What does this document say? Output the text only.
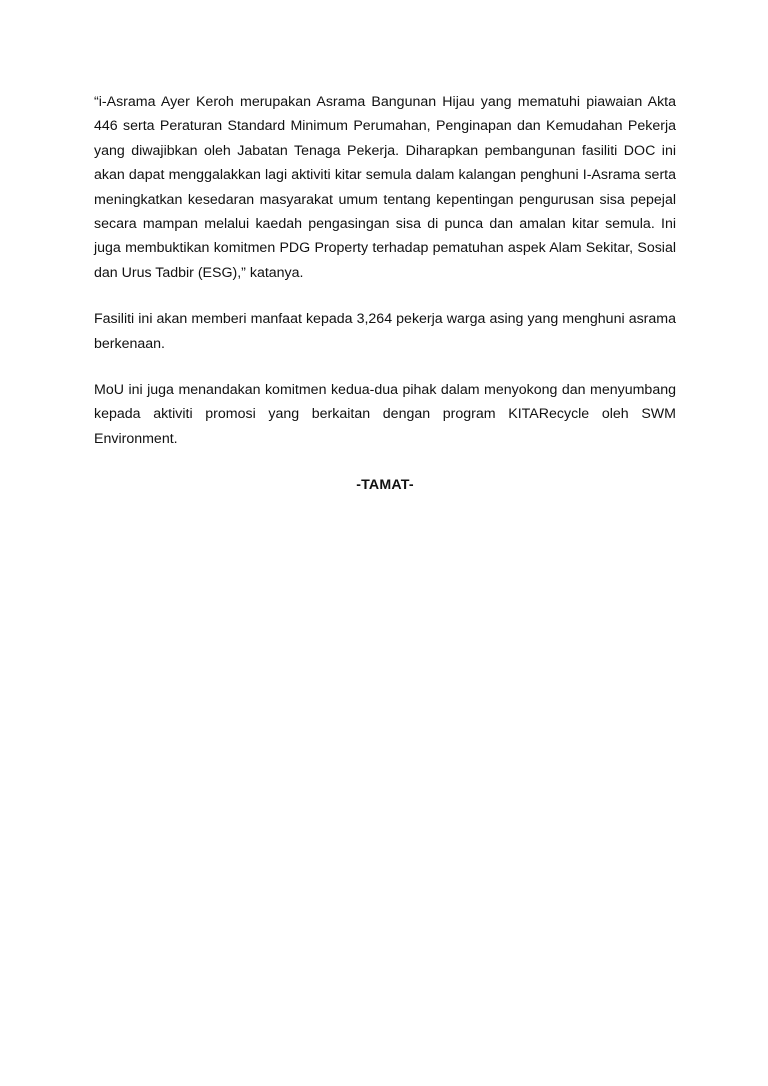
“i-Asrama Ayer Keroh merupakan Asrama Bangunan Hijau yang mematuhi piawaian Akta 446 serta Peraturan Standard Minimum Perumahan, Penginapan dan Kemudahan Pekerja yang diwajibkan oleh Jabatan Tenaga Pekerja. Diharapkan pembangunan fasiliti DOC ini akan dapat menggalakkan lagi aktiviti kitar semula dalam kalangan penghuni I-Asrama serta meningkatkan kesedaran masyarakat umum tentang kepentingan pengurusan sisa pepejal secara mampan melalui kaedah pengasingan sisa di punca dan amalan kitar semula. Ini juga membuktikan komitmen PDG Property terhadap pematuhan aspek Alam Sekitar, Sosial dan Urus Tadbir (ESG),” katanya.

Fasiliti ini akan memberi manfaat kepada 3,264 pekerja warga asing yang menghuni asrama berkenaan.

MoU ini juga menandakan komitmen kedua-dua pihak dalam menyokong dan menyumbang kepada aktiviti promosi yang berkaitan dengan program KITARecycle oleh SWM Environment.

-TAMAT-
